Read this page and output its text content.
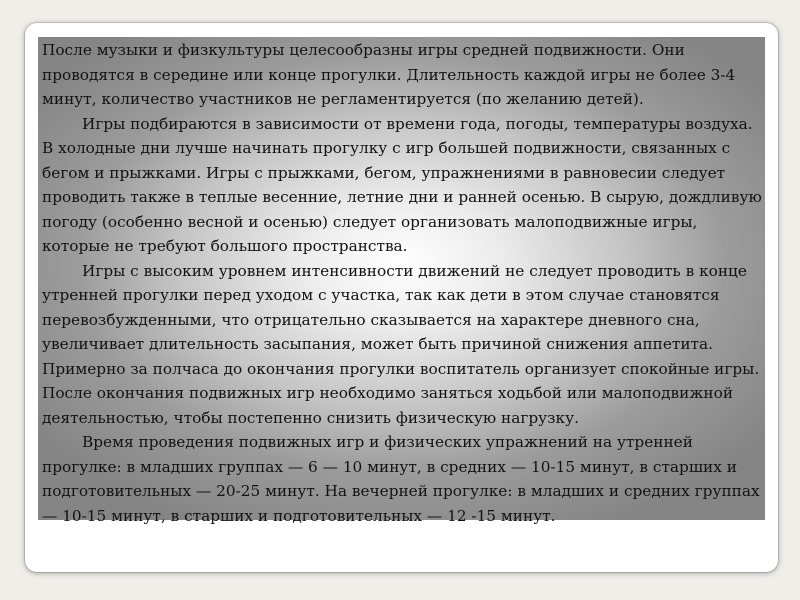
После музыки и физкультуры целесообразны игры средней подвижности. Они проводятся в середине или конце прогулки. Длительность каждой игры не более 3-4 минут, количество участников не регламентируется (по желанию детей).

Игры подбираются в зависимости от времени года, погоды, температуры воздуха. В холодные дни лучше начинать прогулку с игр большей подвижности, связанных с бегом и прыжками. Игры с прыжками, бегом, упражнениями в равновесии следует проводить также в теплые весенние, летние дни и ранней осенью. В сырую, дождливую погоду (особенно весной и осенью) следует организовать малоподвижные игры, которые не требуют большого пространства.

Игры с высоким уровнем интенсивности движений не следует проводить в конце утренней прогулки перед уходом с участка, так как дети в этом случае становятся перевозбужденными, что отрицательно сказывается на характере дневного сна, увеличивает длительность засыпания, может быть причиной снижения аппетита. Примерно за полчаса до окончания прогулки воспитатель организует спокойные игры. После окончания подвижных игр необходимо заняться ходьбой или малоподвижной деятельностью, чтобы постепенно снизить физическую нагрузку.

Время проведения подвижных игр и физических упражнений на утренней прогулке: в младших группах — 6 — 10 минут, в средних — 10-15 минут, в старших и подготовительных — 20-25 минут. На вечерней прогулке: в младших и средних группах — 10-15 минут, в старших и подготовительных — 12 -15 минут.
